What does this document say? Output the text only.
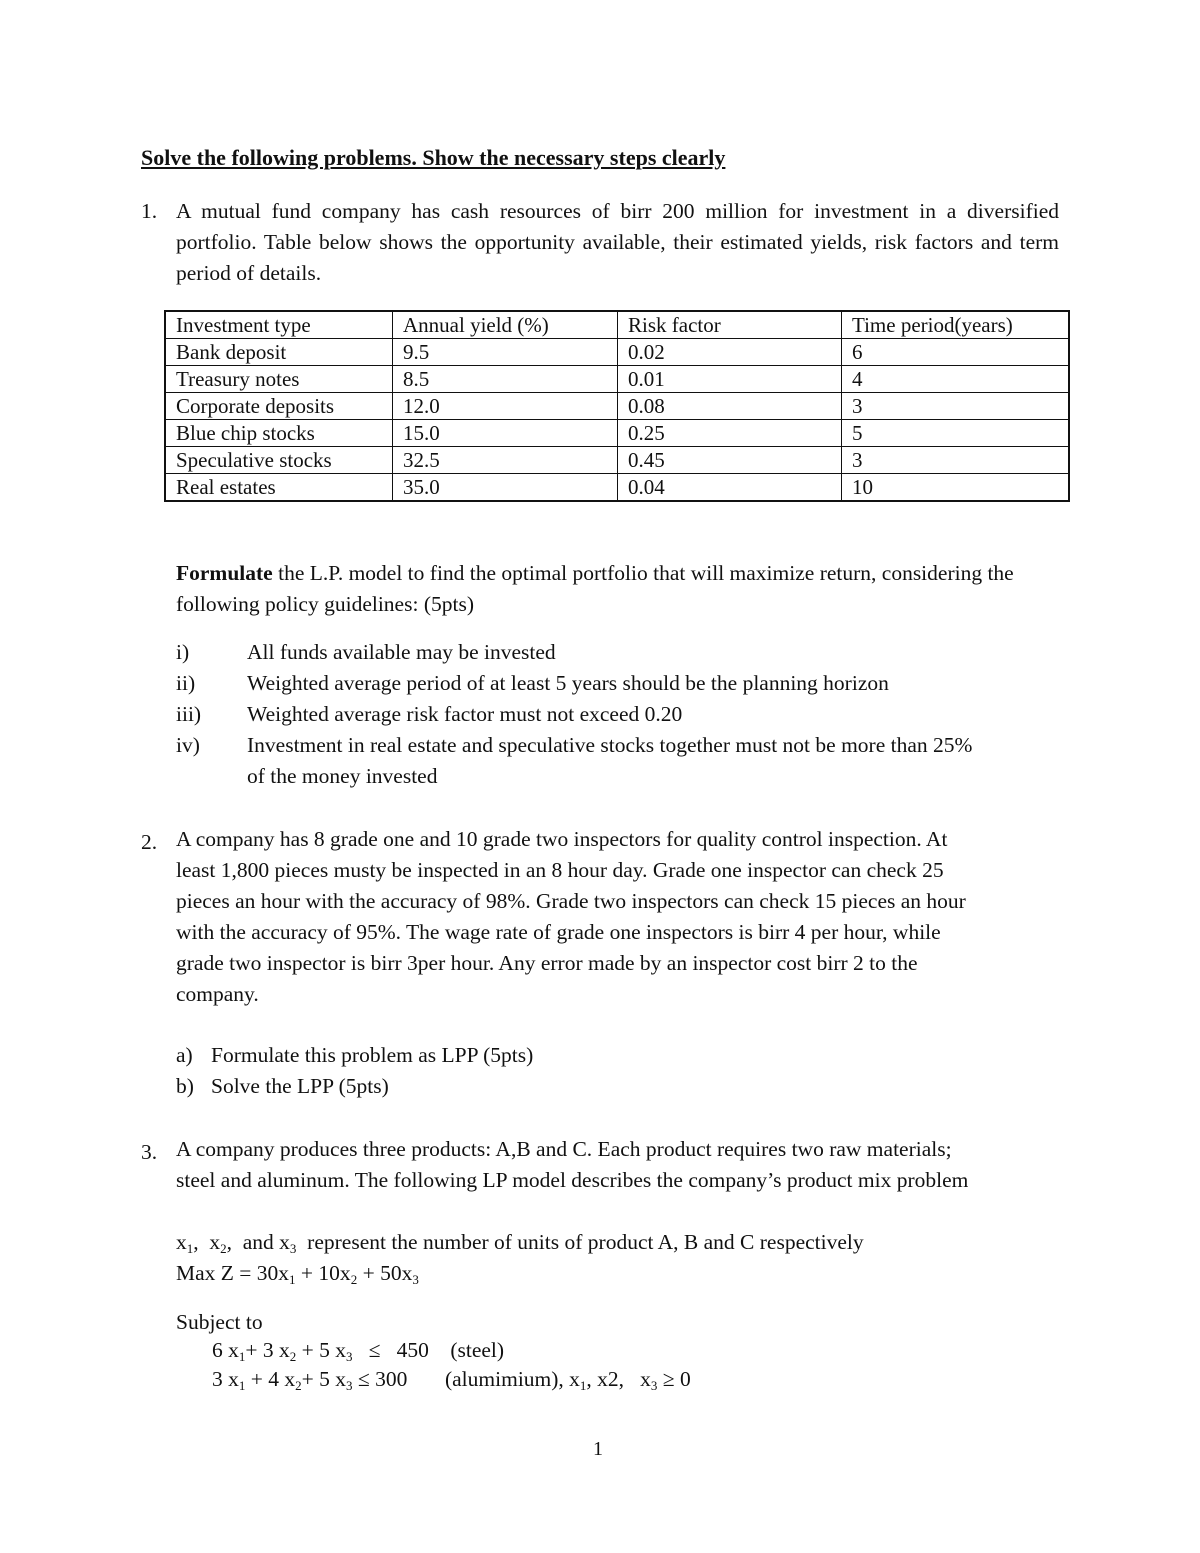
Solve the following problems. Show the necessary steps clearly
1. A mutual fund company has cash resources of birr 200 million for investment in a diversified portfolio. Table below shows the opportunity available, their estimated yields, risk factors and term period of details.
Investment type	Annual yield (%)	Risk factor	Time period(years)
Bank deposit	9.5	0.02	6
Treasury notes	8.5	0.01	4
Corporate deposits	12.0	0.08	3
Blue chip stocks	15.0	0.25	5
Speculative stocks	32.5	0.45	3
Real estates	35.0	0.04	10
Formulate the L.P. model to find the optimal portfolio that will maximize return, considering the following policy guidelines: (5pts)
i)	All funds available may be invested
ii) Weighted average period of at least 5 years should be the planning horizon
iii) Weighted average risk factor must not exceed 0.20
iv) Investment in real estate and speculative stocks together must not be more than 25%
of the money invested
2. A company has 8 grade one and 10 grade two inspectors for quality control inspection. At
least 1,800 pieces musty be inspected in an 8 hour day. Grade one inspector can check 25
pieces an hour with the accuracy of 98%. Grade two inspectors can check 15 pieces an hour
with the accuracy of 95%. The wage rate of grade one inspectors is birr 4 per hour, while
grade two inspector is birr 3per hour. Any error made by an inspector cost birr 2 to the
company.
a) Formulate this problem as LPP (5pts)
b) Solve the LPP (5pts)
3. A company produces three products: A,B and C. Each product requires two raw materials;
steel and aluminum. The following LP model describes the company’s product mix problem
$x_1$,  $x_2$,  and $x_3$ represent the number of units of product A, B and C respectively
Max $Z = 30x_1 + 10x_2 + 50x_3$
Subject to
6 $x_1+ 3$ $x_2 + 5$ $x_3 \le 450$ (steel)
3 $x_1 + 4$ $x_2+ 5$ $x_3 \le 300$ (alumimium), $x_1$, x2,   $x_3 \ge 0$
1
